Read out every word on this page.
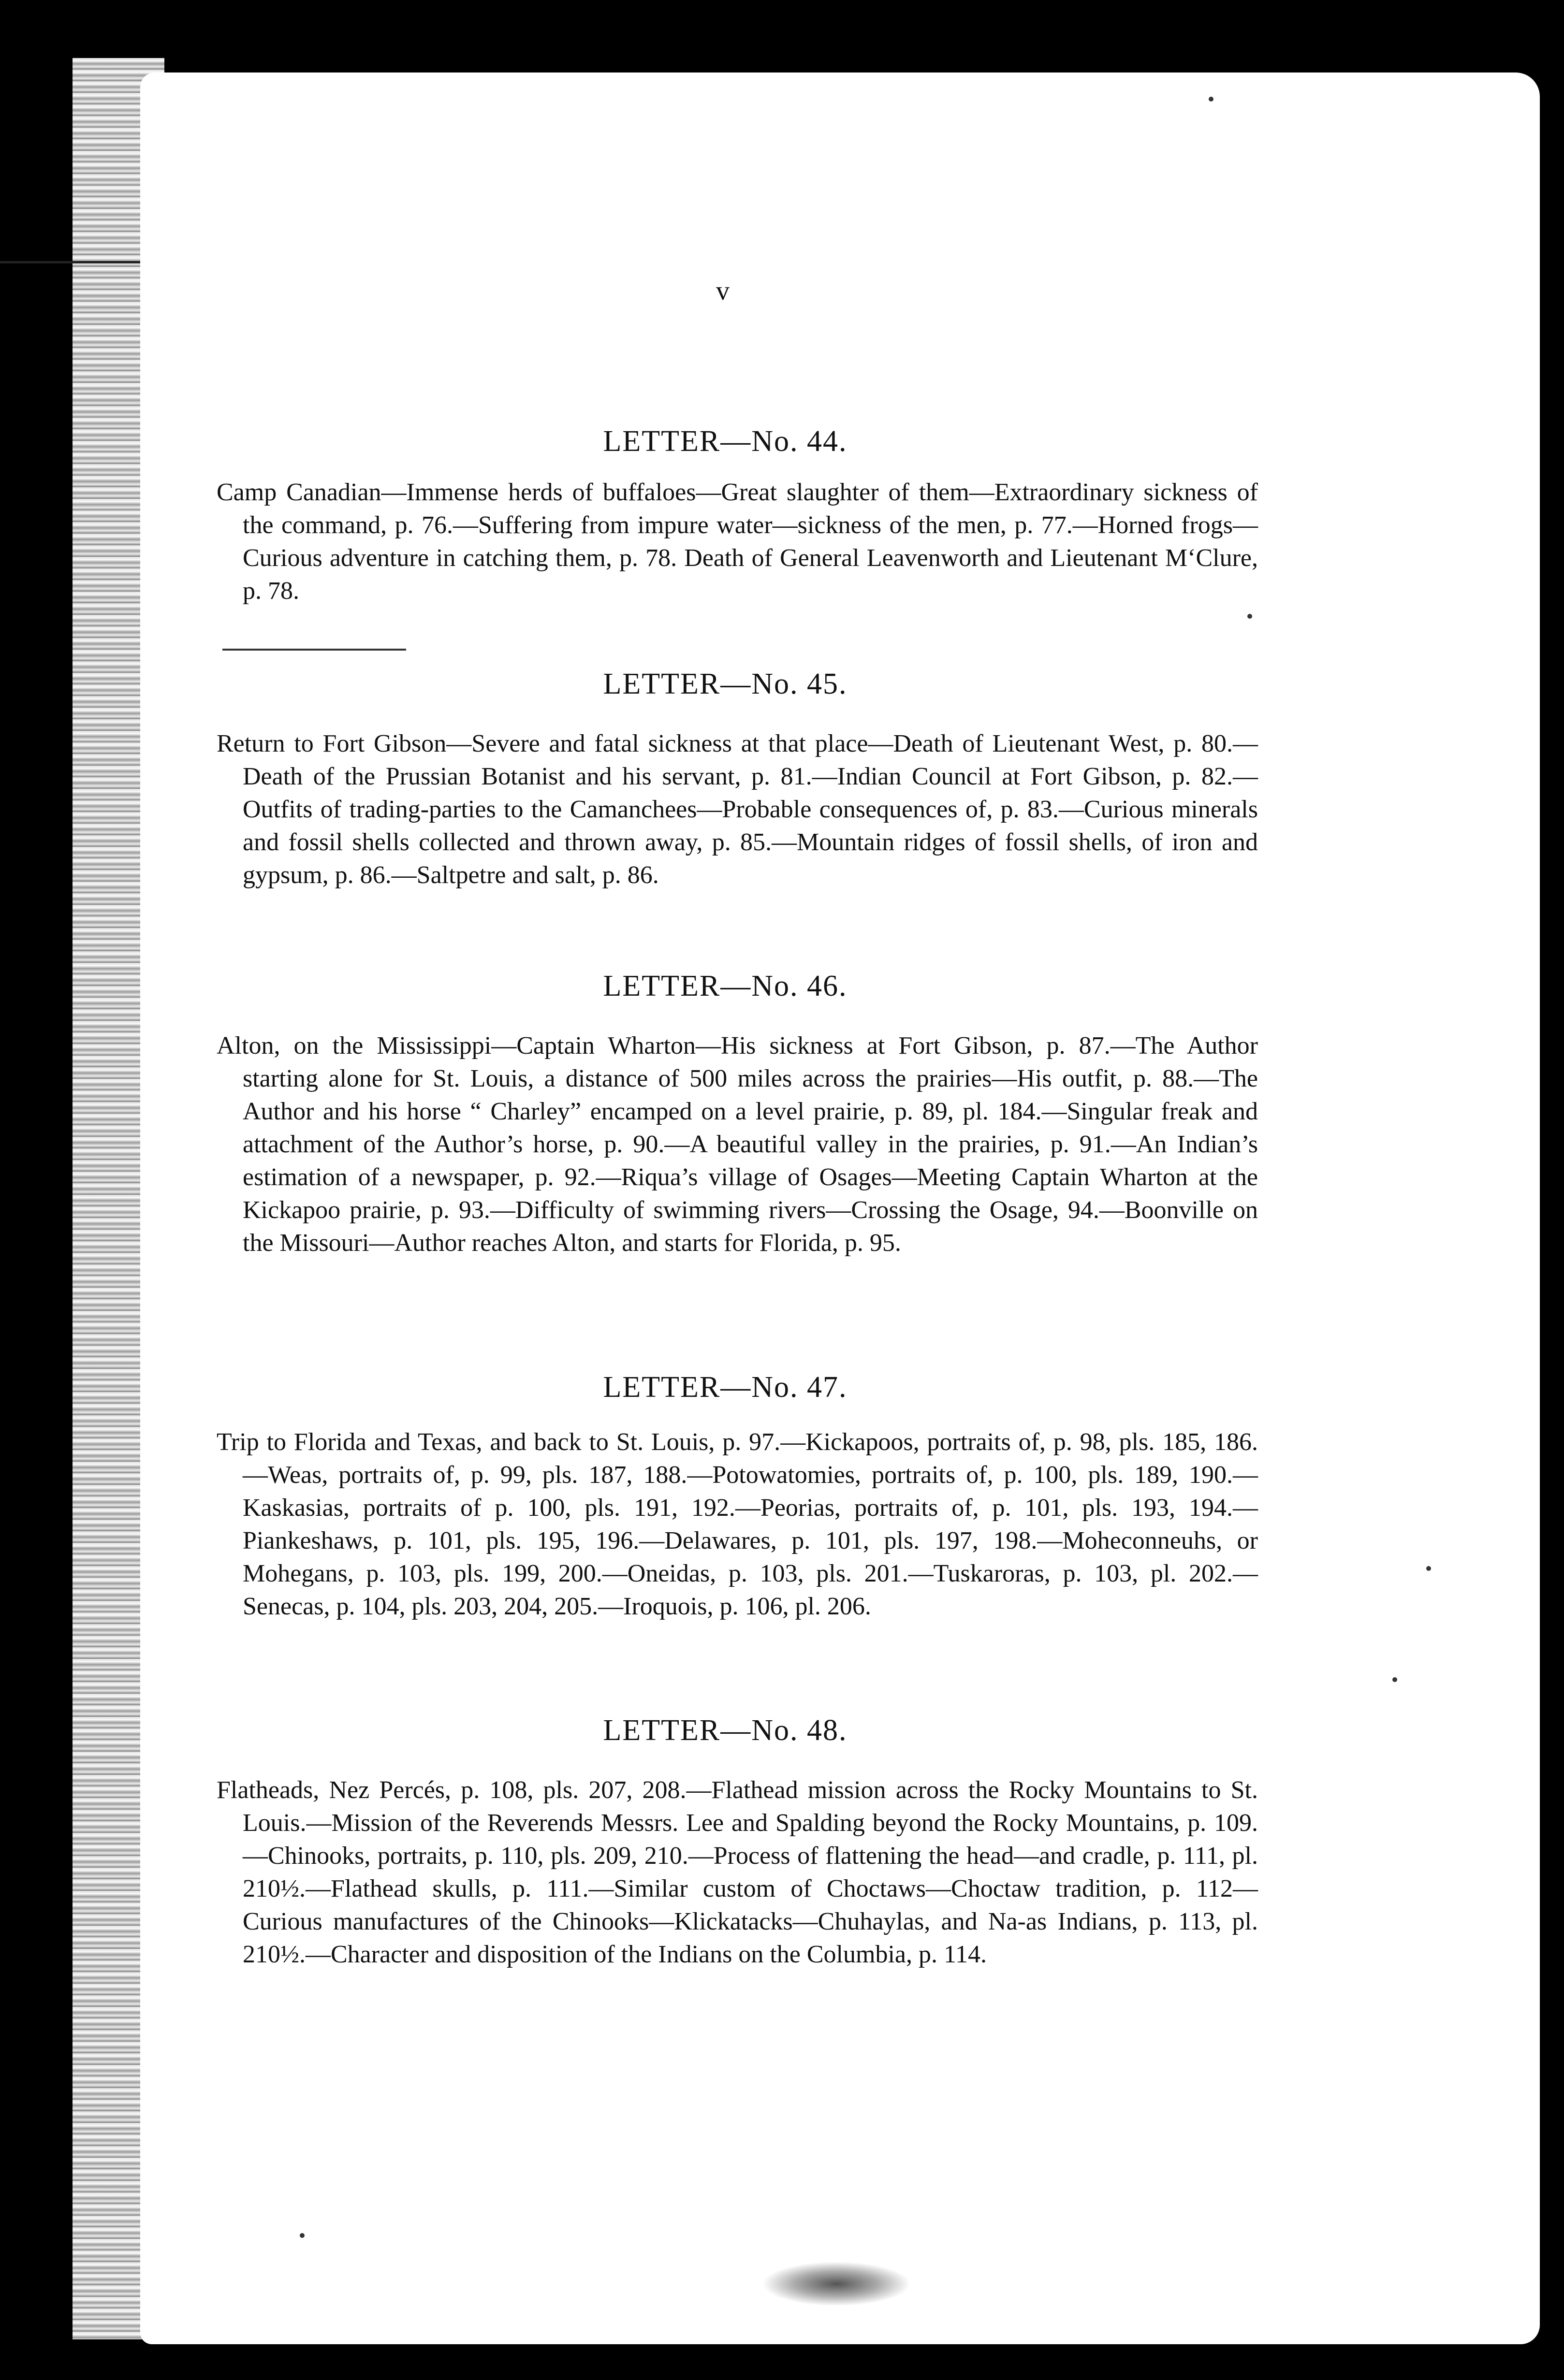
v

LETTER—No. 44.

Camp Canadian—Immense herds of buffaloes—Great slaughter of them—Extraordinary sickness of the command, p. 76.—Suffering from impure water—sickness of the men, p. 77.—Horned frogs—Curious adventure in catching them, p. 78. Death of General Leavenworth and Lieutenant M‘Clure, p. 78.

LETTER—No. 45.

Return to Fort Gibson—Severe and fatal sickness at that place—Death of Lieutenant West, p. 80.—Death of the Prussian Botanist and his servant, p. 81.—Indian Council at Fort Gibson, p. 82.—Outfits of trading-parties to the Camanchees—Probable consequences of, p. 83.—Curious minerals and fossil shells collected and thrown away, p. 85.—Mountain ridges of fossil shells, of iron and gypsum, p. 86.—Saltpetre and salt, p. 86.

LETTER—No. 46.

Alton, on the Mississippi—Captain Wharton—His sickness at Fort Gibson, p. 87.—The Author starting alone for St. Louis, a distance of 500 miles across the prairies—His outfit, p. 88.—The Author and his horse “ Charley” encamped on a level prairie, p. 89, pl. 184.—Singular freak and attachment of the Author’s horse, p. 90.—A beautiful valley in the prairies, p. 91.—An Indian’s estimation of a newspaper, p. 92.—Riqua’s village of Osages—Meeting Captain Wharton at the Kickapoo prairie, p. 93.—Difficulty of swimming rivers—Crossing the Osage, 94.—Boonville on the Missouri—Author reaches Alton, and starts for Florida, p. 95.

LETTER—No. 47.

Trip to Florida and Texas, and back to St. Louis, p. 97.—Kickapoos, portraits of, p. 98, pls. 185, 186.—Weas, portraits of, p. 99, pls. 187, 188.—Potowatomies, portraits of, p. 100, pls. 189, 190.—Kaskasias, portraits of p. 100, pls. 191, 192.—Peorias, portraits of, p. 101, pls. 193, 194.—Piankeshaws, p. 101, pls. 195, 196.—Delawares, p. 101, pls. 197, 198.—Moheconneuhs, or Mohegans, p. 103, pls. 199, 200.—Oneidas, p. 103, pls. 201.—Tuskaroras, p. 103, pl. 202.—Senecas, p. 104, pls. 203, 204, 205.—Iroquois, p. 106, pl. 206.

LETTER—No. 48.

Flatheads, Nez Percés, p. 108, pls. 207, 208.—Flathead mission across the Rocky Mountains to St. Louis.—Mission of the Reverends Messrs. Lee and Spalding beyond the Rocky Mountains, p. 109.—Chinooks, portraits, p. 110, pls. 209, 210.—Process of flattening the head—and cradle, p. 111, pl. 210½.—Flathead skulls, p. 111.—Similar custom of Choctaws—Choctaw tradition, p. 112—Curious manufactures of the Chinooks—Klickatacks—Chuhaylas, and Na-as Indians, p. 113, pl. 210½.—Character and disposition of the Indians on the Columbia, p. 114.
